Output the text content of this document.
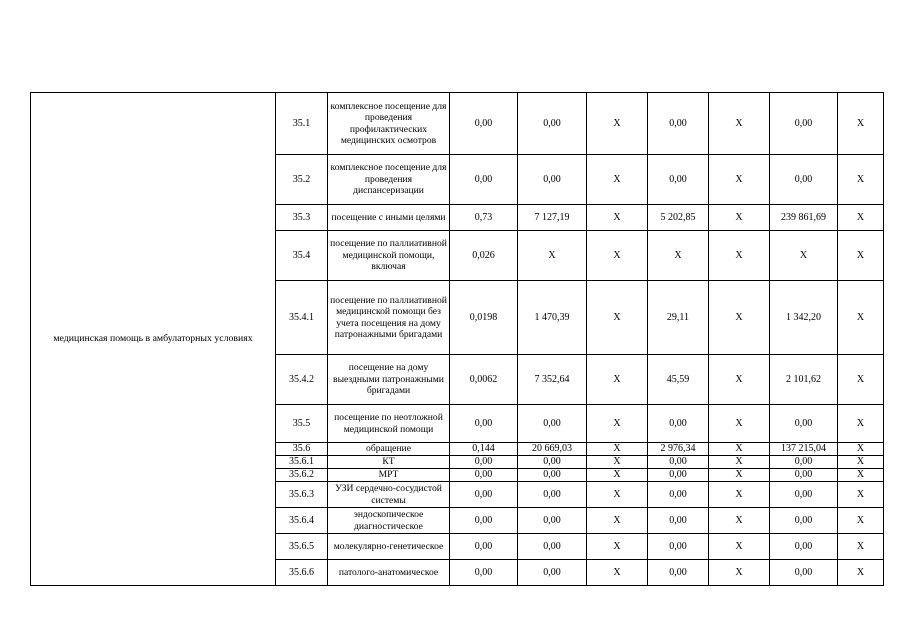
медицинская помощь в амбулаторных условиях	35.1	комплексное посещение для проведения профилактических медицинских осмотров	0,00	0,00	Х	0,00	Х	0,00	Х
	35.2	комплексное посещение для проведения диспансеризации	0,00	0,00	Х	0,00	Х	0,00	Х
	35.3	посещение с иными целями	0,73	7 127,19	Х	5 202,85	Х	239 861,69	Х
	35.4	посещение по паллиативной медицинской помощи, включая	0,026	Х	Х	Х	Х	Х	Х
	35.4.1	посещение по паллиативной медицинской помощи без учета посещения на дому патронажными бригадами	0,0198	1 470,39	Х	29,11	Х	1 342,20	Х
	35.4.2	посещение на дому выездными патронажными бригадами	0,0062	7 352,64	Х	45,59	Х	2 101,62	Х
	35.5	посещение по неотложной медицинской помощи	0,00	0,00	Х	0,00	Х	0,00	Х
	35.6	обращение	0,144	20 669,03	Х	2 976,34	Х	137 215,04	Х
	35.6.1	КТ	0,00	0,00	Х	0,00	Х	0,00	Х
	35.6.2	МРТ	0,00	0,00	Х	0,00	Х	0,00	Х
	35.6.3	УЗИ сердечно-сосудистой системы	0,00	0,00	Х	0,00	Х	0,00	Х
	35.6.4	эндоскопическое диагностическое	0,00	0,00	Х	0,00	Х	0,00	Х
	35.6.5	молекулярно-генетическое	0,00	0,00	Х	0,00	Х	0,00	Х
	35.6.6	патолого-анатомическое	0,00	0,00	Х	0,00	Х	0,00	Х
